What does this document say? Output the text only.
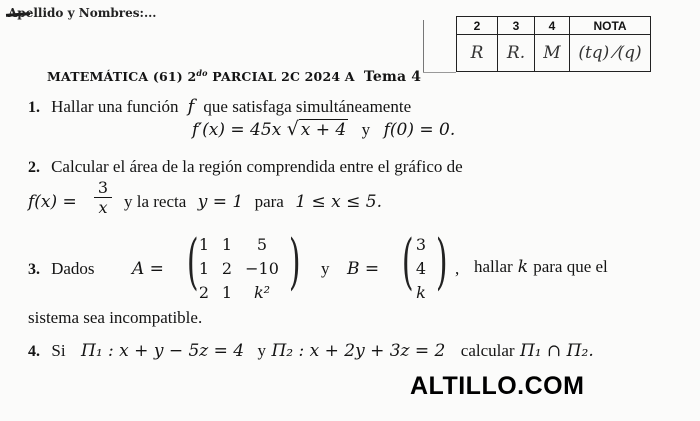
Apellido y Nombres:...
2	3	4	NOTA
R	R.	M	(tq) ⁄(q)
MATEMÁTICA (61) $2^{do}$ PARCIAL 2C 2024 A Tema 4
1. Hallar una función f que satisfaga simultáneamente
f′(x) = 45x √ x + 4 y f(0) = 0.
2. Calcular el área de la región comprendida entre el gráfico de
$f(x) = \frac{3}{x}$ y la recta y = 1 para 1 ≤ x ≤ 5.
3. Dados A = ( )
1 1	5
1 2 −10
2 1	k²
y B = ( )
3
4
k
, hallar k para que el
sistema sea incompatible.
4. Si Π₁ : x + y − 5z = 4 y Π₂ : x + 2y + 3z = 2 calcular Π₁ ∩ Π₂.
ALTILLO.COM
